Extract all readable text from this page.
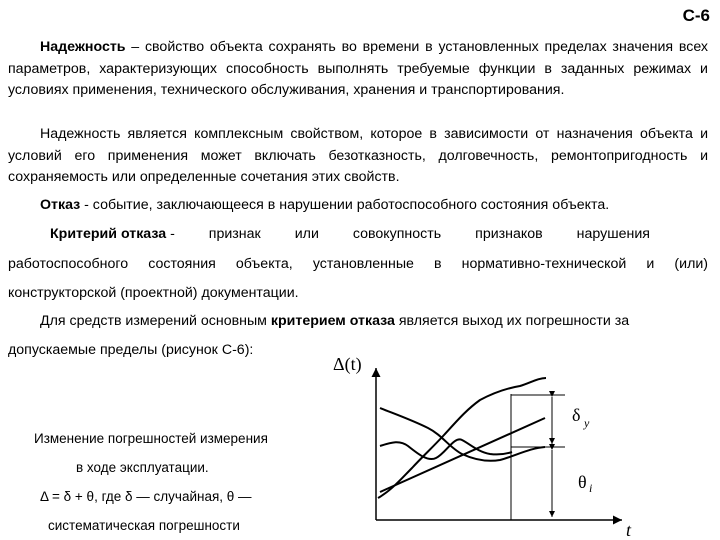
С-6
Надежность – свойство объекта сохранять во времени в установленных пределах значения всех параметров, характеризующих способность выполнять требуемые функции в заданных режимах и условиях применения, технического обслуживания, хранения и транспортирования.
Надежность является комплексным свойством, которое в зависимости от назначения объекта и условий его применения может включать безотказность, долговечность, ремонтопригодность и сохраняемость или определенные сочетания этих свойств.
Отказ - событие, заключающееся в нарушении работоспособного состояния объекта.
Критерий отказа - признак или совокупность признаков нарушения
работоспособного состояния объекта, установленные в нормативно-технической и (или)
конструкторской (проектной) документации.
Для средств измерений основным критерием отказа является выход их погрешности за
допускаемые пределы (рисунок С-6):
Изменение погрешностей измерения
в ходе эксплуатации.
Δ = δ + θ, где δ — случайная, θ —
систематическая погрешности
Δ(t)
t
δ y
θ i
